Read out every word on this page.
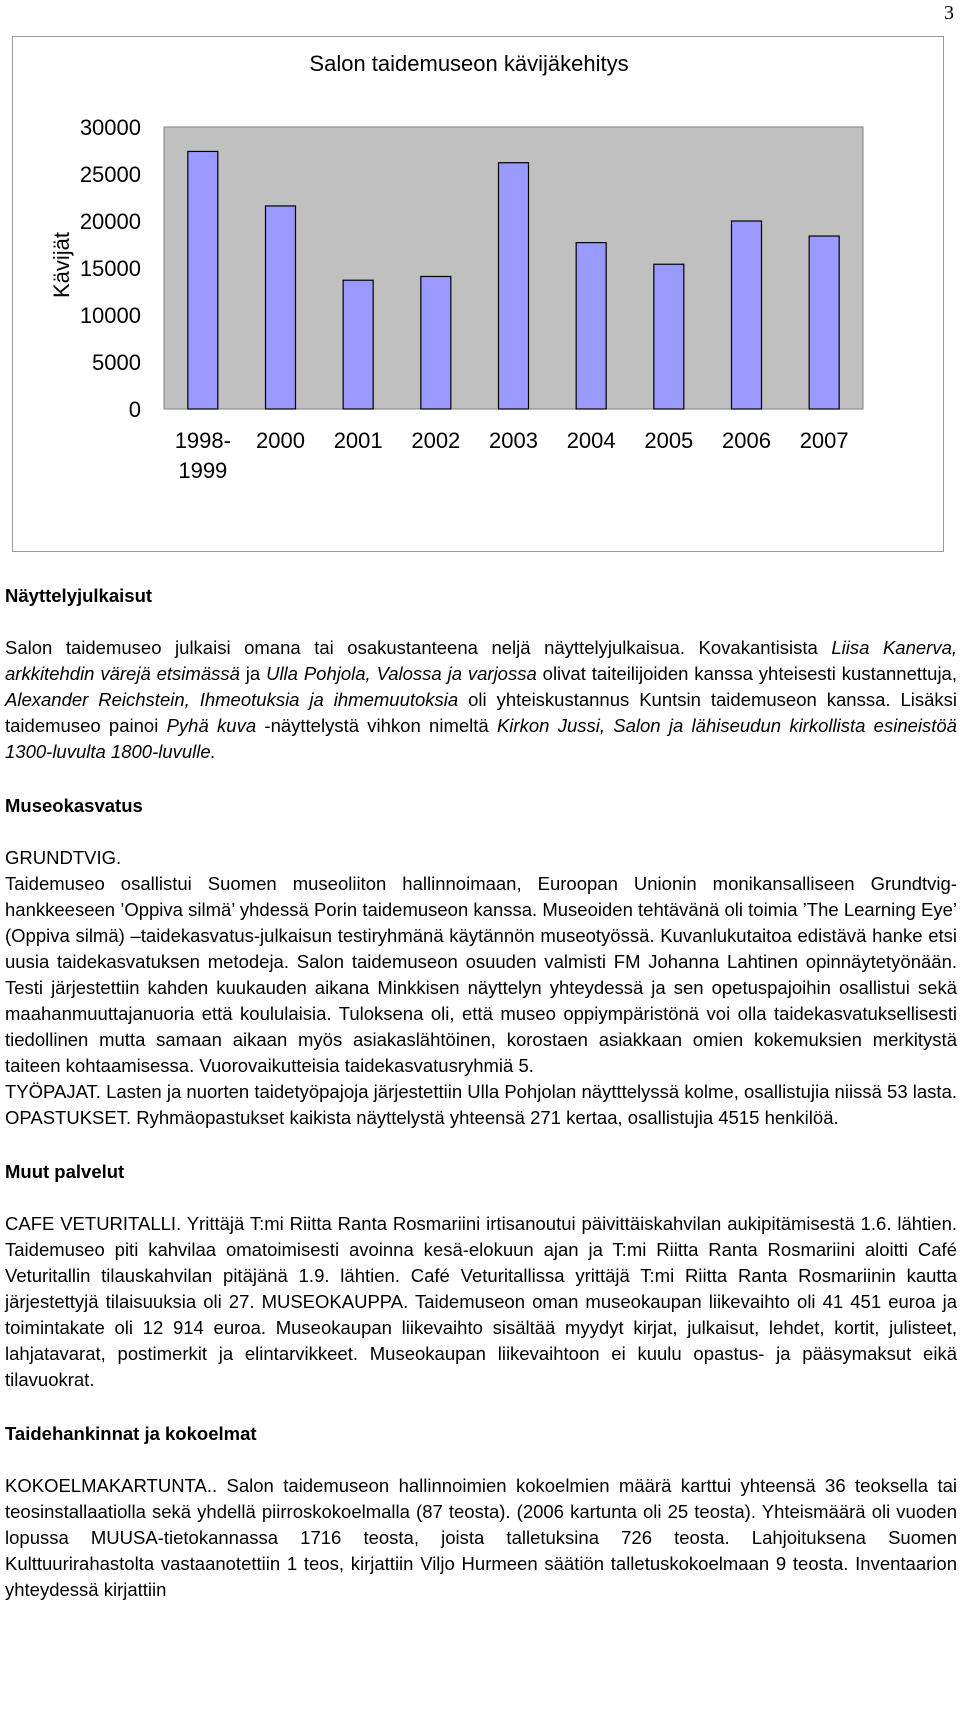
3
Salon taidemuseon kävijäkehitys
Kävijät
0
5000
10000
15000
20000
25000
30000
1998-1999
2000 2001 2002 2003 2004 2005 2006 2007
Näyttelyjulkaisut

Salon taidemuseo julkaisi omana tai osakustanteena neljä näyttelyjulkaisua. Kovakantisista Liisa Kanerva, arkkitehdin värejä etsimässä ja Ulla Pohjola, Valossa ja varjossa olivat taiteilijoiden kanssa yhteisesti kustannettuja, Alexander Reichstein, Ihmeotuksia ja ihmemuutoksia oli yhteiskustannus Kuntsin taidemuseon kanssa. Lisäksi taidemuseo painoi Pyhä kuva -näyttelystä vihkon nimeltä Kirkon Jussi, Salon ja lähiseudun kirkollista esineistöä 1300-luvulta 1800-luvulle.

Museokasvatus

GRUNDTVIG.

Taidemuseo osallistui Suomen museoliiton hallinnoimaan, Euroopan Unionin monikansalliseen Grundtvig-hankkeeseen ’Oppiva silmä’ yhdessä Porin taidemuseon kanssa. Museoiden tehtävänä oli toimia ’The Learning Eye’ (Oppiva silmä) –taidekasvatus-julkaisun testiryhmänä käytännön museotyössä. Kuvanlukutaitoa edistävä hanke etsi uusia taidekasvatuksen metodeja. Salon taidemuseon osuuden valmisti FM Johanna Lahtinen opinnäytetyönään. Testi järjestettiin kahden kuukauden aikana Minkkisen näyttelyn yhteydessä ja sen opetuspajoihin osallistui sekä maahanmuuttajanuoria että koululaisia. Tuloksena oli, että museo oppiympäristönä voi olla taidekasvatuksellisesti tiedollinen mutta samaan aikaan myös asiakaslähtöinen, korostaen asiakkaan omien kokemuksien merkitystä taiteen kohtaamisessa. Vuorovaikutteisia taidekasvatusryhmiä 5.

TYÖPAJAT. Lasten ja nuorten taidetyöpajoja järjestettiin Ulla Pohjolan näytttelyssä kolme, osallistujia niissä 53 lasta. OPASTUKSET. Ryhmäopastukset kaikista näyttelystä yhteensä 271 kertaa, osallistujia 4515 henkilöä.

Muut palvelut

CAFE VETURITALLI. Yrittäjä T:mi Riitta Ranta Rosmariini irtisanoutui päivittäiskahvilan aukipitämisestä 1.6. lähtien. Taidemuseo piti kahvilaa omatoimisesti avoinna kesä-elokuun ajan ja T:mi Riitta Ranta Rosmariini aloitti Café Veturitallin tilauskahvilan pitäjänä 1.9. lähtien. Café Veturitallissa yrittäjä T:mi Riitta Ranta Rosmariinin kautta järjestettyjä tilaisuuksia oli 27. MUSEOKAUPPA. Taidemuseon oman museokaupan liikevaihto oli 41 451 euroa ja toimintakate oli 12 914 euroa. Museokaupan liikevaihto sisältää myydyt kirjat, julkaisut, lehdet, kortit, julisteet, lahjatavarat, postimerkit ja elintarvikkeet. Museokaupan liikevaihtoon ei kuulu opastus- ja pääsymaksut eikä tilavuokrat.

Taidehankinnat ja kokoelmat

KOKOELMAKARTUNTA.. Salon taidemuseon hallinnoimien kokoelmien määrä karttui yhteensä 36 teoksella tai teosinstallaatiolla sekä yhdellä piirroskokoelmalla (87 teosta). (2006 kartunta oli 25 teosta). Yhteismäärä oli vuoden lopussa MUUSA-tietokannassa 1716 teosta, joista talletuksina 726 teosta. Lahjoituksena Suomen Kulttuurirahastolta vastaanotettiin 1 teos, kirjattiin Viljo Hurmeen säätiön talletuskokoelmaan 9 teosta. Inventaarion yhteydessä kirjattiin
